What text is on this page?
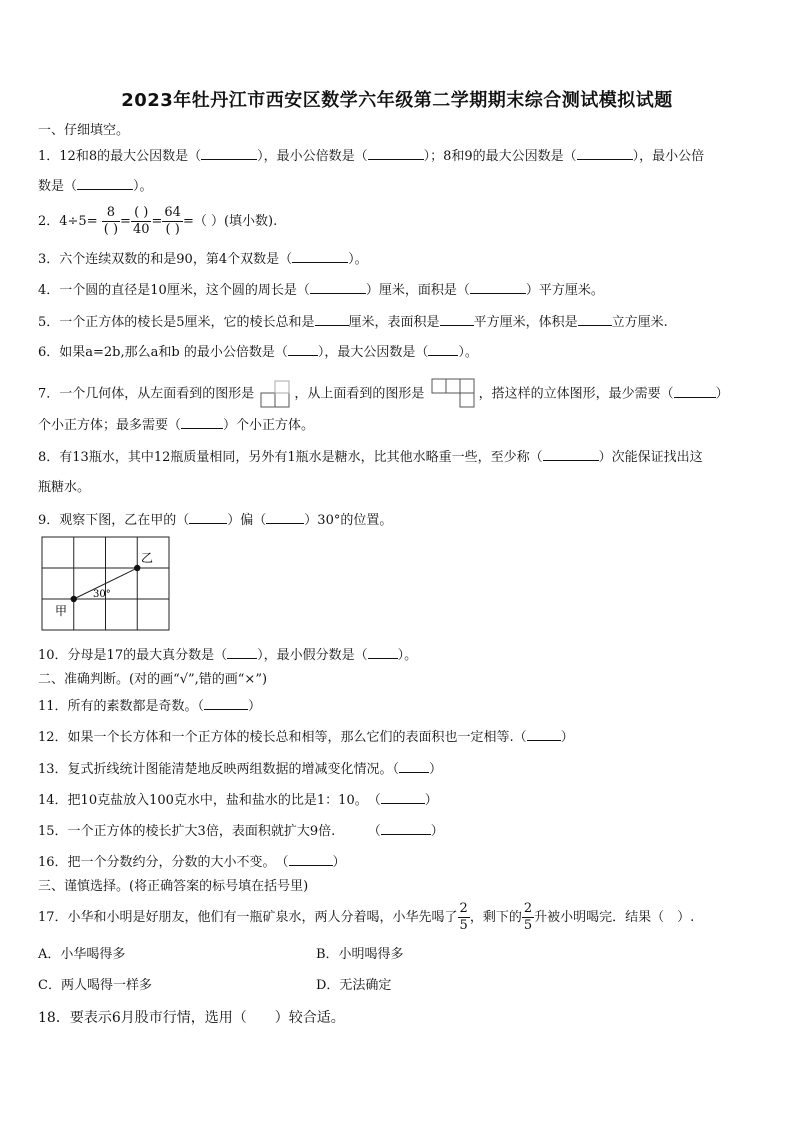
2023年牡丹江市西安区数学六年级第二学期期末综合测试模拟试题
一、仔细填空。
1．12和8的最大公因数是（	），最小公倍数是（	）；8和9的最大公因数是（	），最小公倍
数是（	）。
2．$4\div 5= \frac{8}{( )} = \frac{( )}{40} = \frac{64}{( )}$ =（ ）(填小数).
3．六个连续双数的和是90，第4个双数是（	）。
4．一个圆的直径是10厘米，这个圆的周长是（	）厘米，面积是（	）平方厘米。
5．一个正方体的棱长是5厘米，它的棱长总和是	厘米，表面积是	平方厘米，体积是	立方厘米.
6．如果a=2b,那么a和b 的最小公倍数是（ ），最大公因数是（ ）。
7．一个几何体，从左面看到的图形是	，从上面看到的图形是	，搭这样的立体图形，最少需要（	）
个小正方体；最多需要（	）个小正方体。
8．有13瓶水，其中12瓶质量相同，另外有1瓶水是糖水，比其他水略重一些，至少称（	）次能保证找出这
瓶糖水。
9．观察下图，乙在甲的（	）偏（	）30°的位置。
甲
乙
30°
10．分母是17的最大真分数是（ ），最小假分数是（ ）。
二、准确判断。(对的画“√”,错的画“×”)
11．所有的素数都是奇数。（	）
12．如果一个长方体和一个正方体的棱长总和相等，那么它们的表面积也一定相等.（	）
13．复式折线统计图能清楚地反映两组数据的增减变化情况。（ ）
14．把10克盐放入100克水中，盐和盐水的比是1：10。　（	）
15．一个正方体的棱长扩大3倍，表面积就扩大9倍.　　　（	）
16．把一个分数约分，分数的大小不变。　（	）
三、谨慎选择。(将正确答案的标号填在括号里)
17．小华和小明是好朋友，他们有一瓶矿泉水，两人分着喝，小华先喝了 $\frac{2}{5}$ ，剩下的 $\frac{2}{5}$ 升被小明喝完．结果（　）.
A．小华喝得多	B．小明喝得多
C．两人喝得一样多	D．无法确定
18．要表示6月股市行情，选用（　　）较合适。
